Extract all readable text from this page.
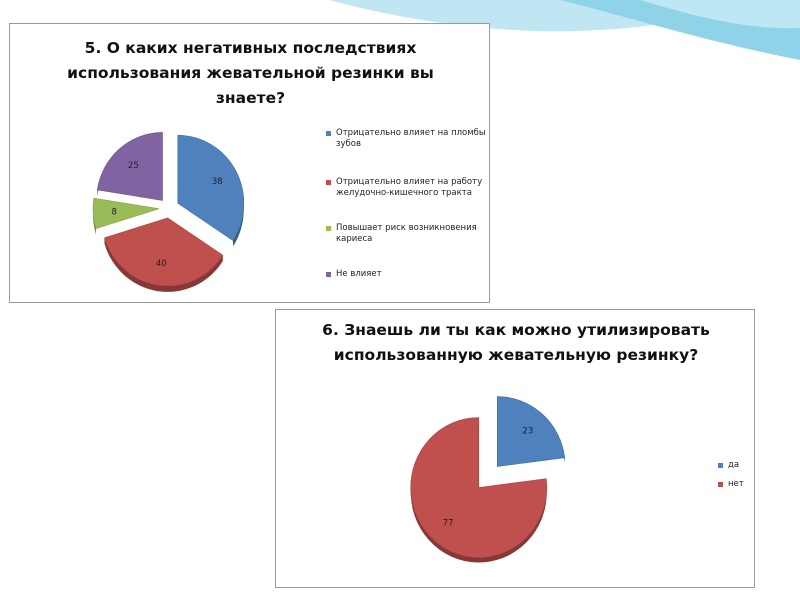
5. О каких негативных последствиях
использования жевательной резинки вы
знаете?
38
40
8
25
Отрицательно влияет на пломбы зубов
Отрицательно влияет на работу желудочно-кишечного тракта
Повышает риск возникновения кариеса
Не влияет
6. Знаешь ли ты как можно утилизировать
использованную жевательную резинку?
23
77
да
нет
